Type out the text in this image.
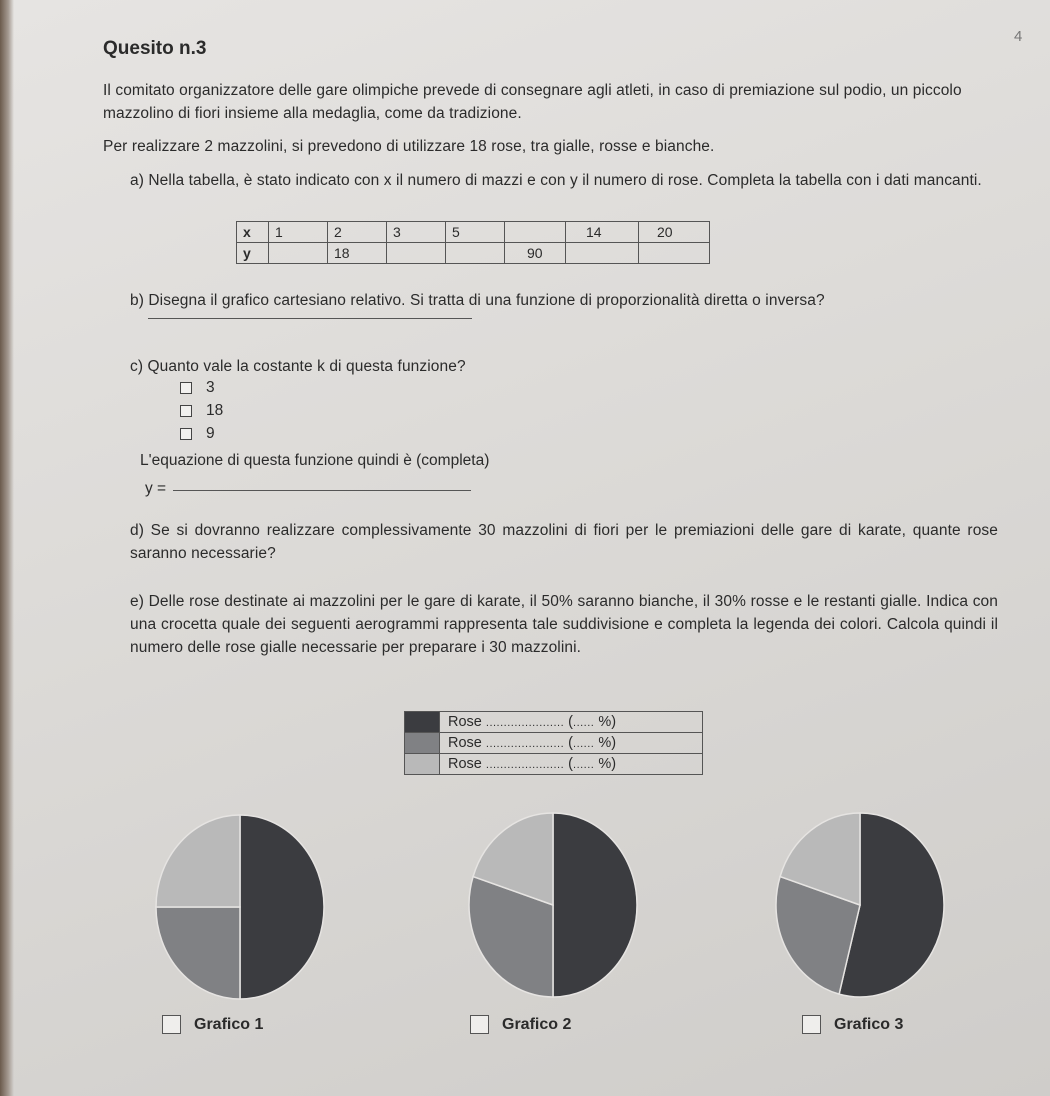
Quesito n.3
4
Il comitato organizzatore delle gare olimpiche prevede di consegnare agli atleti, in caso di premiazione sul podio, un piccolo mazzolino di fiori insieme alla medaglia, come da tradizione.
Per realizzare 2 mazzolini, si prevedono di utilizzare 18 rose, tra gialle, rosse e bianche.
a) Nella tabella, è stato indicato con x il numero di mazzi e con y il numero di rose. Completa la tabella con i dati mancanti.
x	1	2	3	5		14	20
y		18			90		
b) Disegna il grafico cartesiano relativo. Si tratta di una funzione di proporzionalità diretta o inversa?
c) Quanto vale la costante k di questa funzione?
3
18
9
L'equazione di questa funzione quindi è (completa)
y =
d) Se si dovranno realizzare complessivamente 30 mazzolini di fiori per le premiazioni delle gare di karate, quante rose saranno necessarie?
e) Delle rose destinate ai mazzolini per le gare di karate, il 50% saranno bianche, il 30% rosse e le restanti gialle. Indica con una crocetta quale dei seguenti aerogrammi rappresenta tale suddivisione e completa la legenda dei colori. Calcola quindi il numero delle rose gialle necessarie per preparare i 30 mazzolini.
	Rose ...................... (...... %)
	Rose ...................... (...... %)
	Rose ...................... (...... %)
Grafico 1	Grafico 2	Grafico 3
